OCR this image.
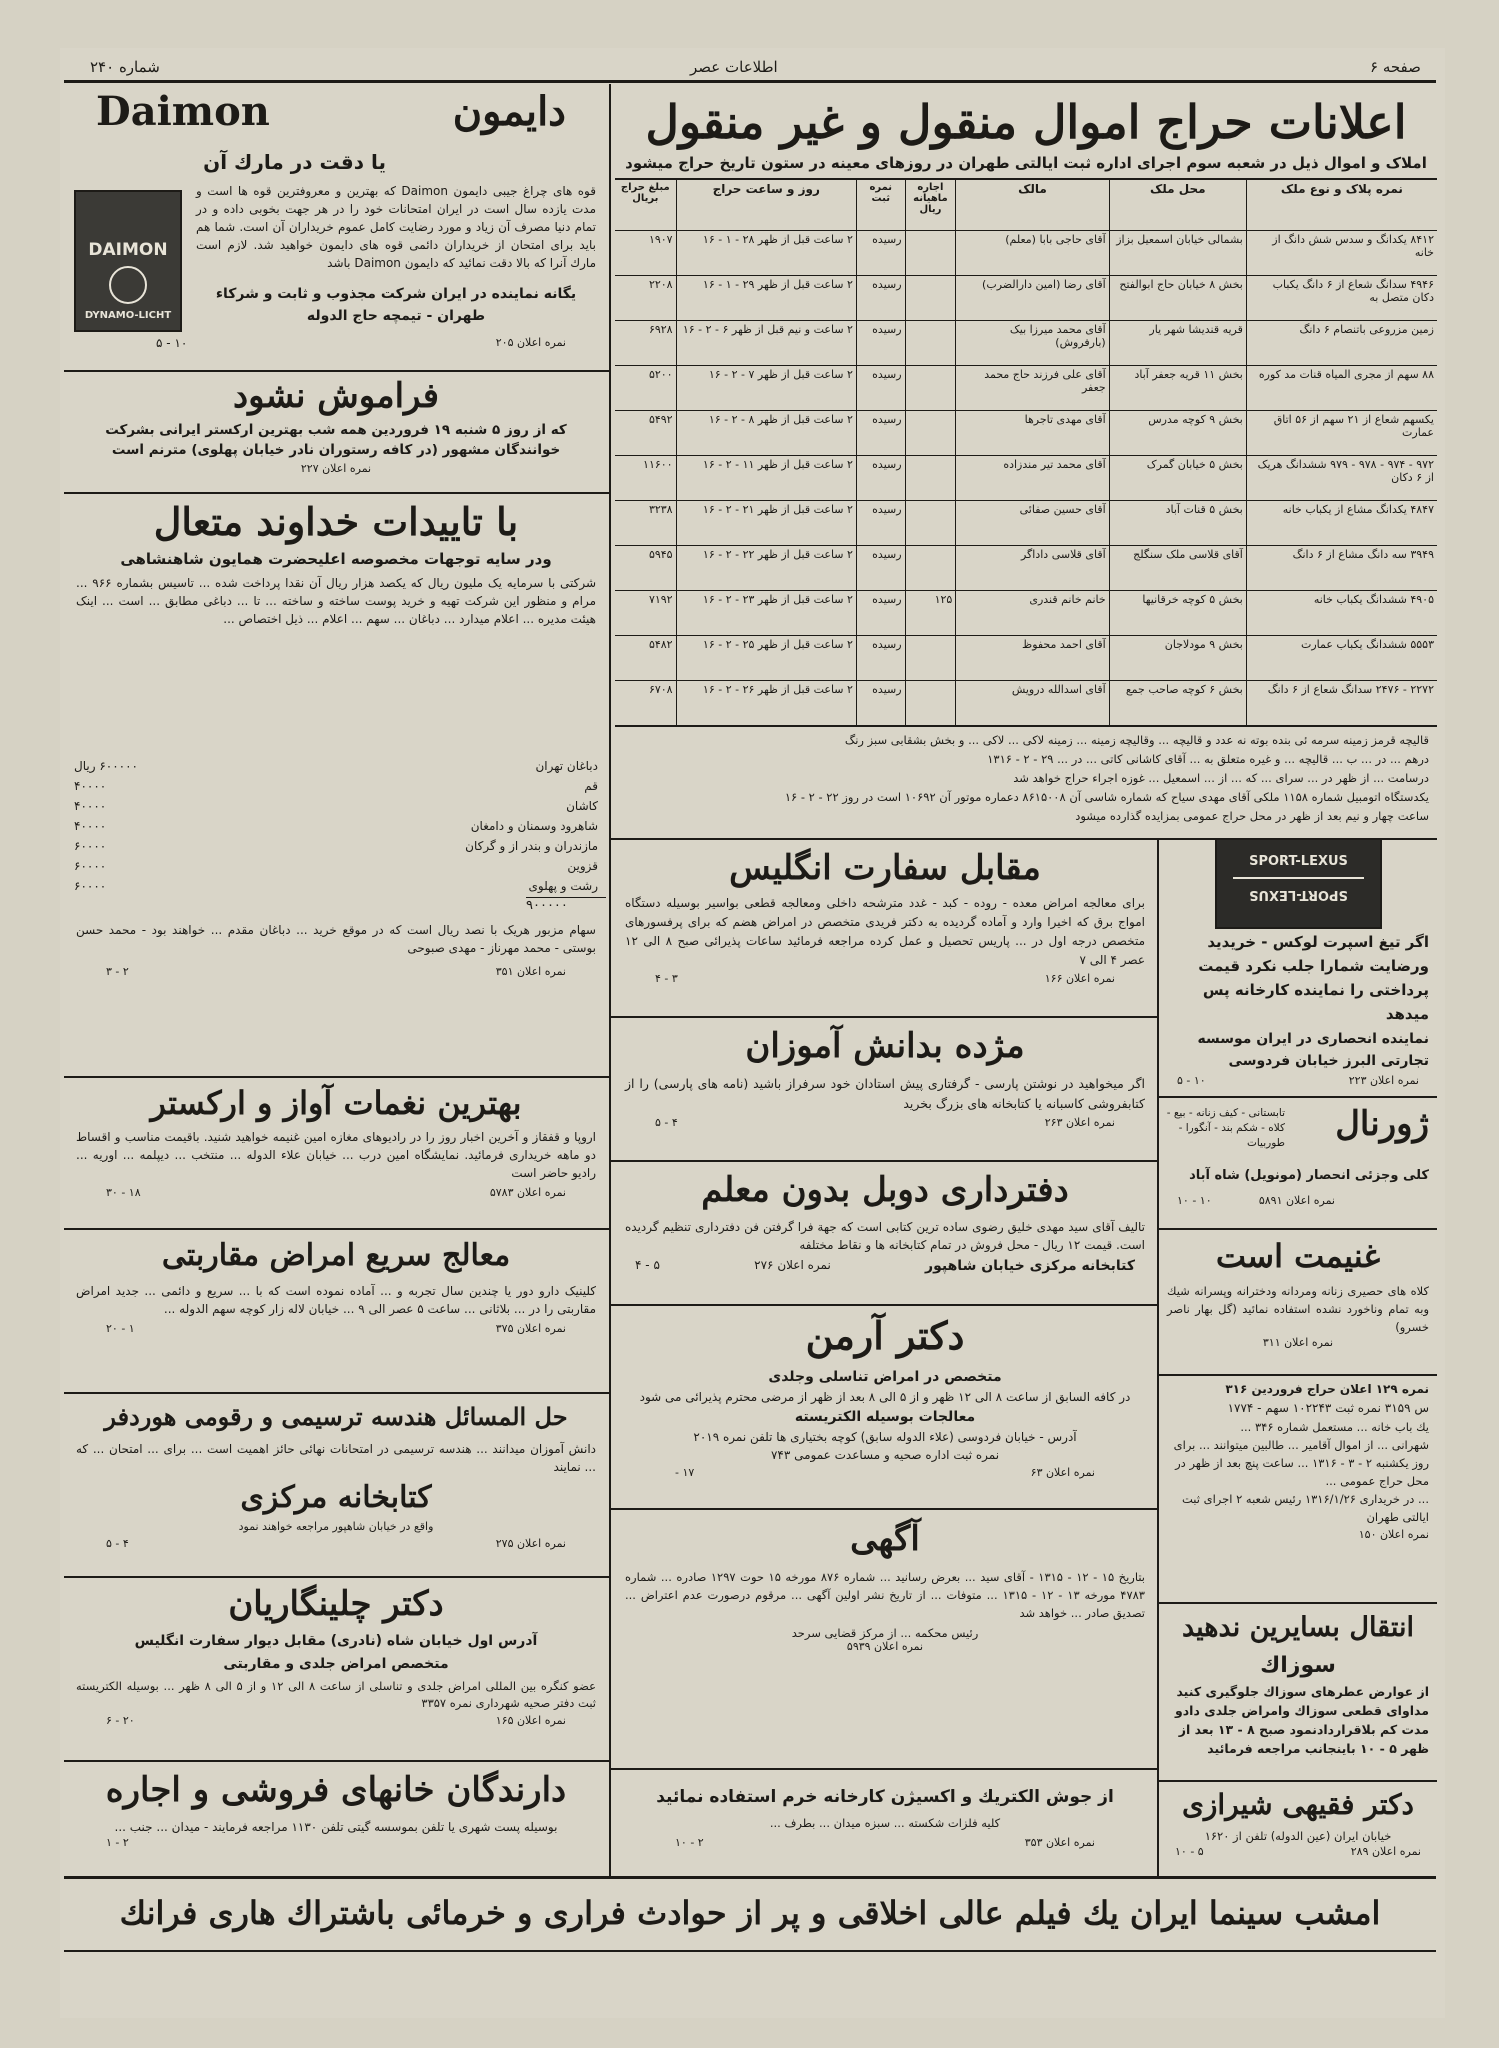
شماره ۲۴۰	اطلاعات عصر	صفحه ۶
اعلانات حراج اموال منقول و غیر منقول
املاک و اموال ذیل در شعبه سوم اجرای اداره ثبت ایالتی طهران در روزهای معینه در ستون تاریخ حراج میشود
نمره پلاک و نوع ملک	محل ملک	مالک	اجاره ماهیانه ریال	نمره ثبت	روز و ساعت حراج	مبلغ حراج بریال
۸۴۱۲ یکدانگ و سدس شش دانگ از خانه	بشمالی خیابان اسمعیل بزاز	آقای حاجی بابا (معلم)		رسیده	۲ ساعت قبل از ظهر ۲۸ - ۱ - ۱۶	۱۹۰۷
۴۹۴۶ سدانگ شعاع از ۶ دانگ یکباب دکان متصل به	بخش ۸ خیابان حاج ابوالفتح	آقای رضا (امین دارالضرب)		رسیده	۲ ساعت قبل از ظهر ۲۹ - ۱ - ۱۶	۲۲۰۸
زمین مزروعی باتنصام ۶ دانگ	قریه قندیشا شهر یار	آقای محمد میرزا بیک (بارفروش)		رسیده	۲ ساعت و نیم قبل از ظهر ۶ - ۲ - ۱۶	۶۹۲۸
۸۸ سهم از مجری المیاه قنات مد کوره	بخش ۱۱ قریه جعفر آباد	آقای علی فرزند حاج محمد جعفر		رسیده	۲ ساعت قبل از ظهر ۷ - ۲ - ۱۶	۵۲۰۰
یکسهم شعاع از ۲۱ سهم از ۵۶ اتاق عمارت	بخش ۹ کوچه مدرس	آقای مهدی تاجرها		رسیده	۲ ساعت قبل از ظهر ۸ - ۲ - ۱۶	۵۴۹۲
۹۷۲ - ۹۷۴ - ۹۷۸ - ۹۷۹ ششدانگ هریک از ۶ دکان	بخش ۵ خیابان گمرک	آقای محمد تیر مندزاده		رسیده	۲ ساعت قبل از ظهر ۱۱ - ۲ - ۱۶	۱۱۶۰۰
۴۸۴۷ یکدانگ مشاع از یکباب خانه	بخش ۵ قنات آباد	آقای حسین صفائی		رسیده	۲ ساعت قبل از ظهر ۲۱ - ۲ - ۱۶	۳۲۳۸
۳۹۴۹ سه دانگ مشاع از ۶ دانگ	آقای قلاسی ملک سنگلج	آقای قلاسی داداگر		رسیده	۲ ساعت قبل از ظهر ۲۲ - ۲ - ۱۶	۵۹۴۵
۴۹۰۵ ششدانگ یکباب خانه	بخش ۵ کوچه خرقانیها	خانم خانم قندری	۱۲۵	رسیده	۲ ساعت قبل از ظهر ۲۳ - ۲ - ۱۶	۷۱۹۲
۵۵۵۳ ششدانگ یکباب عمارت	بخش ۹ مودلاجان	آقای احمد محفوظ		رسیده	۲ ساعت قبل از ظهر ۲۵ - ۲ - ۱۶	۵۴۸۲
۲۲۷۲ - ۲۴۷۶ سدانگ شعاع از ۶ دانگ	بخش ۶ کوچه صاحب جمع	آقای اسدالله درویش		رسیده	۲ ساعت قبل از ظهر ۲۶ - ۲ - ۱۶	۶۷۰۸
قالیچه قرمز زمینه سرمه ئی بنده بوته نه عدد و قالیچه ... وقالیچه زمینه ... زمینه لاکی ... لاکی ... و بخش بشقابی سبز رنگ
درهم ... در ... ب ... قالیچه ... و غیره متعلق به ... آقای کاشانی کاتی ... در ... ۲۹ - ۲ - ۱۳۱۶
درسامت ... از ظهر در ... سرای ... که ... از ... اسمعیل ... غوزه اجراء حراج خواهد شد
یکدستگاه اتومبیل شماره ۱۱۵۸ ملکی آقای مهدی سیاح که شماره شاسی آن ۸۶۱۵۰۰۸ دعماره موتور آن ۱۰۶۹۲ است در روز ۲۲ - ۲ - ۱۶
ساعت چهار و نیم بعد از ظهر در محل حراج عمومی بمزایده گذارده میشود
Daimon	دایمون
یا دقت در مارك آن
قوه های چراغ جیبی دایمون Daimon که بهترین و معروفترین قوه ها است و مدت یازده سال است در ایران امتحانات خود را در هر جهت بخوبی داده و در تمام دنیا مصرف آن زیاد و مورد رضایت کامل عموم خریداران آن است. شما هم باید برای امتحان از خریداران دائمی قوه های دایمون خواهید شد. لازم است مارك آنرا که بالا دقت نمائید که دایمون Daimon باشد
یگانه نماینده در ایران شرکت مجذوب و ثابت و شرکاء
طهران - تیمچه حاج الدوله
نمره اعلان ۲۰۵
۱۰ - ۵
DAIMON
DYNAMO-LICHT
فراموش نشود
که از روز ۵ شنبه ۱۹ فروردین همه شب بهترین ارکستر ایرانی بشرکت خوانندگان مشهور (در کافه رستوران نادر خیابان پهلوی) مترنم است
نمره اعلان ۲۲۷
با تاییدات خداوند متعال
ودر سایه توجهات مخصوصه اعلیحضرت همایون شاهنشاهی
شرکتی با سرمایه یک ملیون ریال که یکصد هزار ریال آن نقدا پرداخت شده ... تاسیس بشماره ۹۶۶ ... مرام و منظور این شرکت تهیه و خرید پوست ساخته و ساخته ... تا ... دباغی مطابق ... است ... اینک هیئت مدیره ... اعلام میدارد ... دباغان ... سهم ... اعلام ... ذیل اختصاص ...
دباغان تهران	۶۰۰۰۰۰ ریال
قم	۴۰۰۰۰
کاشان	۴۰۰۰۰
شاهرود وسمنان و دامغان	۴۰۰۰۰
مازندران و بندر از و گرکان	۶۰۰۰۰
قزوین	۶۰۰۰۰
رشت و پهلوی	۶۰۰۰۰
۹۰۰۰۰۰
سهام مزبور هریک با نصد ریال است که در موقع خرید ... دباغان مقدم ... خواهند بود - محمد حسن بوستی - محمد مهرناز - مهدی صبوحی
نمره اعلان ۳۵۱
۲ - ۳
بهترین نغمات آواز و ارکستر
اروپا و قفقاز و آخرین اخبار روز را در رادیوهای مغازه امین غنیمه خواهید شنید. باقیمت مناسب و اقساط دو ماهه خریداری فرمائید. نمایشگاه امین درب ... خیابان علاء الدوله ... منتخب ... دیپلمه ... اوریه ... رادیو حاضر است
نمره اعلان ۵۷۸۳
۱۸ - ۳۰
معالج سریع امراض مقاربتی
کلینیک دارو دور یا چندین سال تجربه و ... آماده نموده است که با ... سریع و دائمی ... جدید امراض مقاربتی را در ... بلاثانی ... ساعت ۵ عصر الی ۹ ... خیابان لاله زار کوچه سهم الدوله ...
نمره اعلان ۳۷۵
۱ - ۲۰
حل المسائل هندسه ترسیمی و رقومی هوردفر
دانش آموزان میدانند ... هندسه ترسیمی در امتحانات نهائی حائز اهمیت است ... برای ... امتحان ... که ... نمایند
کتابخانه مرکزی
واقع در خیابان شاهپور مراجعه خواهند نمود
نمره اعلان ۲۷۵
۴ - ۵
دکتر چلینگاریان
آدرس اول خیابان شاه (نادری) مقابل دیوار سفارت انگلیس
متخصص امراض جلدی و مقاربتی
عضو کنگره بین المللی امراض جلدی و تناسلی از ساعت ۸ الی ۱۲ و از ۵ الی ۸ ظهر ... بوسیله الکتریسته ثبت دفتر صحیه شهرداری نمره ۳۳۵۷
نمره اعلان ۱۶۵
۲۰ - ۶
دارندگان خانهای فروشی و اجاره
بوسیله پست شهری یا تلفن بموسسه گیتی تلفن ۱۱۳۰ مراجعه فرمایند - میدان ... جنب ...
۲ - ۱
مقابل سفارت انگلیس
برای معالجه امراض معده - روده - کبد - غدد مترشحه داخلی ومعالجه قطعی بواسیر بوسیله دستگاه امواج برق که اخیرا وارد و آماده گردیده به دکتر فریدی متخصص در امراض هضم که برای پرفسورهای متخصص درجه اول در ... پاریس تحصیل و عمل کرده مراجعه فرمائید ساعات پذیرائی صبح ۸ الی ۱۲ عصر ۴ الی ۷
نمره اعلان ۱۶۶
۳ - ۴
SPORT-LEXUS
SPORT-LEXUS
اگر تیغ اسپرت لوکس - خریدید ورضایت شمارا جلب نکرد قیمت پرداختی را نماینده کارخانه پس میدهد
نماینده انحصاری در ایران موسسه تجارتی البرز خیابان فردوسی
نمره اعلان ۲۲۳
۱۰ - ۵
مژده بدانش آموزان
اگر میخواهید در نوشتن پارسی - گرفتاری پیش استادان خود سرفراز باشید (نامه های پارسی) را از کتابفروشی کاسبانه یا کتابخانه های بزرگ بخرید
نمره اعلان ۲۶۳
۴ - ۵	ژورنال
تابستانی - کیف زنانه - بیع - کلاه - شکم بند - آنگورا - طوربیات
کلی وجزئی انحصار (مونویل) شاه آباد
نمره اعلان ۵۸۹۱
۱۰ - ۱۰
دفترداری دوبل بدون معلم
تالیف آقای سید مهدی خلیق رضوی ساده ترین کتابی است که جهة فرا گرفتن فن دفترداری تنظیم گردیده است. قیمت ۱۲ ریال - محل فروش در تمام کتابخانه ها و نقاط مختلفه
کتابخانه مرکزی خیابان شاهپور
نمره اعلان ۲۷۶
۵ - ۴	غنیمت است
کلاه های حصیری زنانه ومردانه ودخترانه وپسرانه شیك وبه تمام وناخورد نشده استفاده نمائید (گل بهار ناصر خسرو)
نمره اعلان ۳۱۱
دکتر آرمن
متخصص در امراض تناسلی وجلدی
در کافه السابق از ساعت ۸ الی ۱۲ ظهر و از ۵ الی ۸ بعد از ظهر از مرضی محترم پذیرائی می شود
معالجات بوسیله الکتریسته
آدرس - خیابان فردوسی (علاء الدوله سابق) کوچه بختیاری ها تلفن نمره ۲۰۱۹
نمره ثبت اداره صحیه و مساعدت عمومی ۷۴۳
نمره اعلان ۶۳
۱۷ -
نمره ۱۲۹ اعلان حراج فروردین ۳۱۶
س ۳۱۵۹ نمره ثبت ۱۰۲۲۴۳ سهم - ۱۷۷۴
یك باب خانه ... مستعمل شماره ۳۴۶ ...
شهرانی ... از اموال آقامیر ... طالبین میتوانند ... برای روز یکشنبه ۲ - ۳ - ۱۳۱۶ ... ساعت پنچ بعد از ظهر در محل حراج عمومی ...
... در خریداری ۱۳۱۶/۱/۲۶ رئیس شعبه ۲ اجرای ثبت ایالتی طهران
نمره اعلان ۱۵۰
آگهی
بتاریخ ۱۵ - ۱۲ - ۱۳۱۵ - آقای سید ... بعرض رسانید ... شماره ۸۷۶ مورخه ۱۵ حوت ۱۲۹۷ صادره ... شماره ۴۷۸۳ مورخه ۱۳ - ۱۲ - ۱۳۱۵ ... متوفات ... از تاریخ نشر اولین آگهی ... مرقوم درصورت عدم اعتراض ... تصدیق صادر ... خواهد شد
رئیس محکمه ... از مرکز قضایی سرحد
نمره اعلان ۵۹۳۹
انتقال بسایرین ندهید
سوزاك
از عوارض عطرهای سوزاك جلوگیری کنید مداوای قطعی سوزاك وامراض جلدی دادو مدت کم بلاقراردادنمود صبح ۸ - ۱۳ بعد از ظهر ۵ - ۱۰ باینجانب مراجعه فرمائید
از جوش الکتریك و اکسیژن کارخانه خرم استفاده نمائید
کلیه فلزات شکسته ... سبزه میدان ... بطرف ...
نمره اعلان ۳۵۳
۲ - ۱۰
دکتر فقیهی شیرازی
خیابان ایران (عین الدوله) تلفن از ۱۶۲۰
نمره اعلان ۲۸۹
۵ - ۱۰
امشب سینما ایران یك فیلم عالی اخلاقی و پر از حوادث فراری و خرمائی باشتراك هاری فرانك
